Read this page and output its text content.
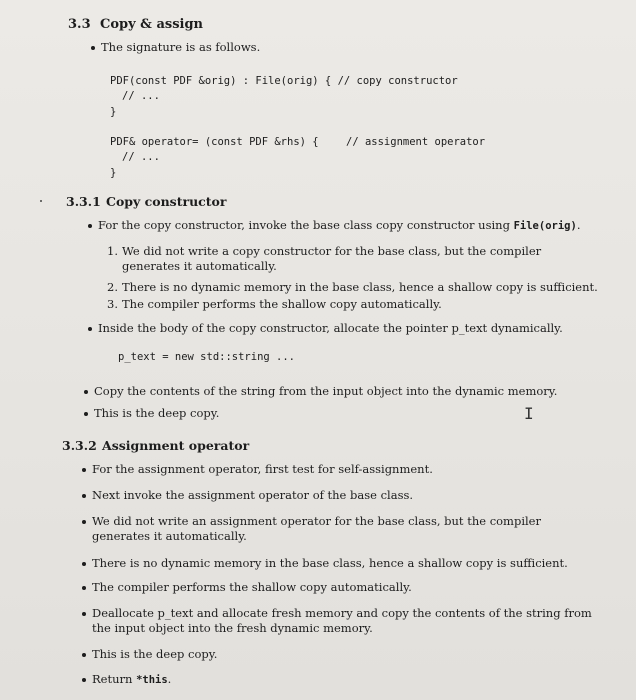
3.3 Copy & assign
The signature is as follows.
PDF(const PDF &orig) : File(orig) { // copy constructor
// ...
}
PDF& operator= (const PDF &rhs) {	// assignment operator
// ...
}
3.3.1 Copy constructor
For the copy constructor, invoke the base class copy constructor using File(orig).
1. We did not write a copy constructor for the base class, but the compiler generates it automatically.
2. There is no dynamic memory in the base class, hence a shallow copy is sufficient.
3. The compiler performs the shallow copy automatically.
Inside the body of the copy constructor, allocate the pointer p_text dynamically.
p_text = new std::string ...
Copy the contents of the string from the input object into the dynamic memory.
This is the deep copy.	I
3.3.2 Assignment operator
For the assignment operator, first test for self-assignment.
Next invoke the assignment operator of the base class.
We did not write an assignment operator for the base class, but the compiler generates it automatically.
There is no dynamic memory in the base class, hence a shallow copy is sufficient.
The compiler performs the shallow copy automatically.
Deallocate p_text and allocate fresh memory and copy the contents of the string from the input object into the fresh dynamic memory.
This is the deep copy.
Return *this.
